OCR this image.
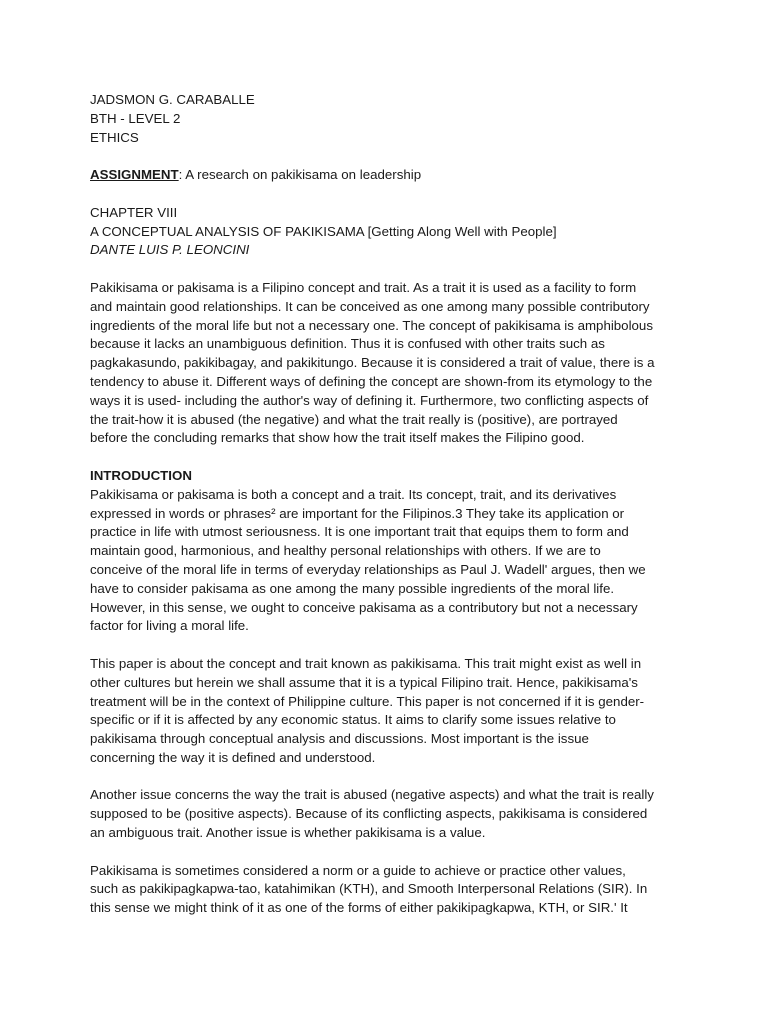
JADSMON G. CARABALLE
BTH - LEVEL 2
ETHICS
ASSIGNMENT: A research on pakikisama on leadership
CHAPTER VIII
A CONCEPTUAL ANALYSIS OF PAKIKISAMA [Getting Along Well with People]
DANTE LUIS P. LEONCINI
Pakikisama or pakisama is a Filipino concept and trait. As a trait it is used as a facility to form
and maintain good relationships. It can be conceived as one among many possible contributory
ingredients of the moral life but not a necessary one. The concept of pakikisama is amphibolous
because it lacks an unambiguous definition. Thus it is confused with other traits such as
pagkakasundo, pakikibagay, and pakikitungo. Because it is considered a trait of value, there is a
tendency to abuse it. Different ways of defining the concept are shown-from its etymology to the
ways it is used- including the author's way of defining it. Furthermore, two conflicting aspects of
the trait-how it is abused (the negative) and what the trait really is (positive), are portrayed
before the concluding remarks that show how the trait itself makes the Filipino good.
INTRODUCTION
Pakikisama or pakisama is both a concept and a trait. Its concept, trait, and its derivatives
expressed in words or phrases² are important for the Filipinos.3 They take its application or
practice in life with utmost seriousness. It is one important trait that equips them to form and
maintain good, harmonious, and healthy personal relationships with others. If we are to
conceive of the moral life in terms of everyday relationships as Paul J. Wadell' argues, then we
have to consider pakisama as one among the many possible ingredients of the moral life.
However, in this sense, we ought to conceive pakisama as a contributory but not a necessary
factor for living a moral life.
This paper is about the concept and trait known as pakikisama. This trait might exist as well in
other cultures but herein we shall assume that it is a typical Filipino trait. Hence, pakikisama's
treatment will be in the context of Philippine culture. This paper is not concerned if it is gender-
specific or if it is affected by any economic status. It aims to clarify some issues relative to
pakikisama through conceptual analysis and discussions. Most important is the issue
concerning the way it is defined and understood.
Another issue concerns the way the trait is abused (negative aspects) and what the trait is really
supposed to be (positive aspects). Because of its conflicting aspects, pakikisama is considered
an ambiguous trait. Another issue is whether pakikisama is a value.
Pakikisama is sometimes considered a norm or a guide to achieve or practice other values,
such as pakikipagkapwa-tao, katahimikan (KTH), and Smooth Interpersonal Relations (SIR). In
this sense we might think of it as one of the forms of either pakikipagkapwa, KTH, or SIR.' It
